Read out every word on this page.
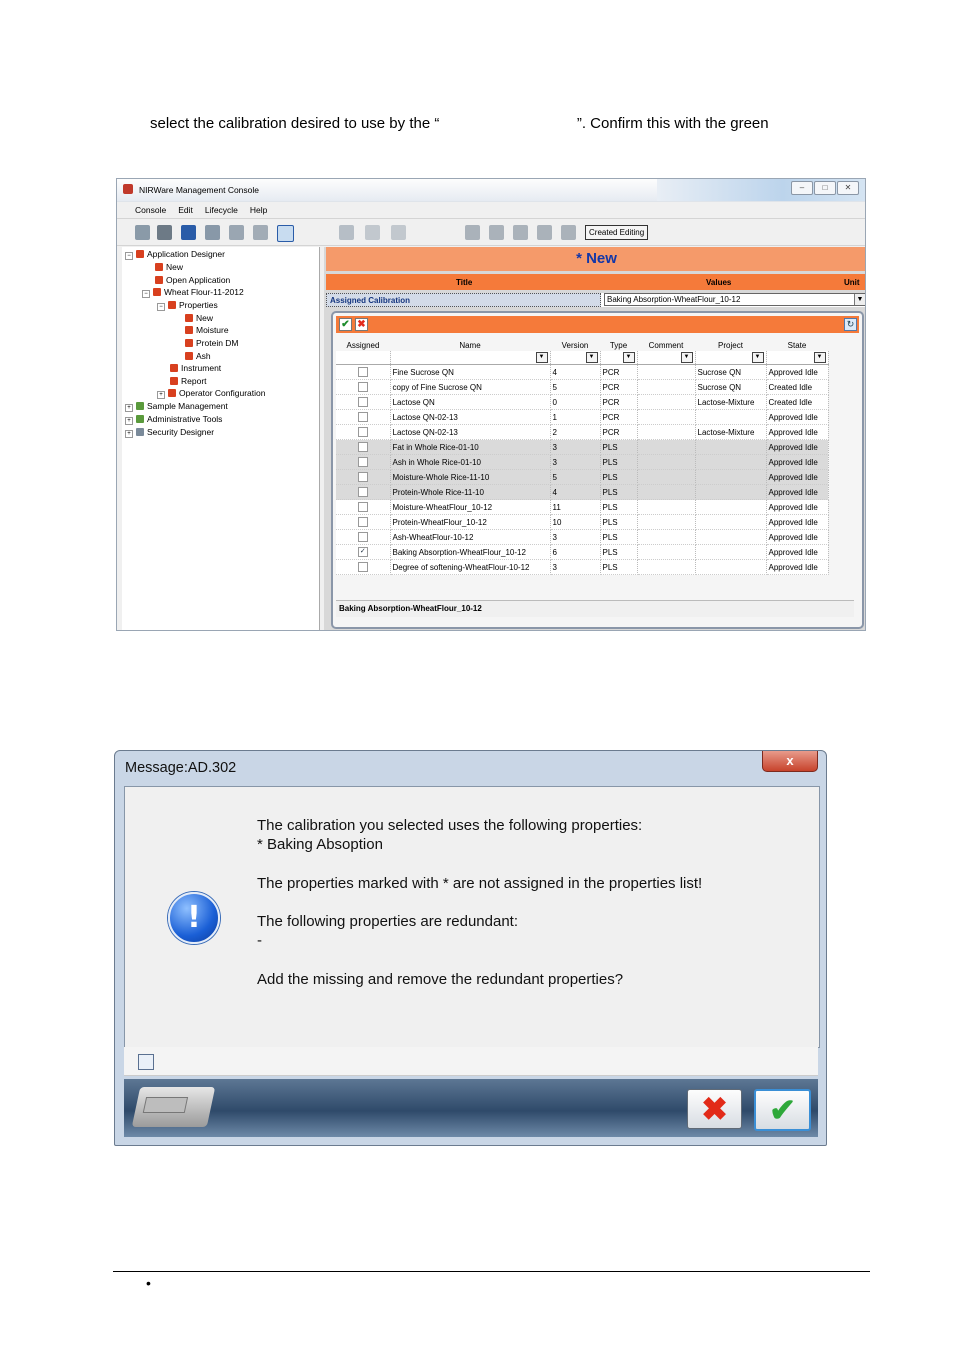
select the calibration desired to use by the “                                 ”. Confirm this with the green
NIRWare Management Console	–	□	✕
Console Edit Lifecycle Help
Created Editing
− Application Designer
New
Open Application
− Wheat Flour-11-2012
− Properties
New
Moisture
Protein DM
Ash
Instrument
Report
+ Operator Configuration
+ Sample Management
+ Administrative Tools
+ Security Designer
* New
Title	Values	Unit
Assigned Calibration	Baking Absorption-WheatFlour_10-12	▼
✔ ✖	↻
Assigned	Name	Version	Type	Comment	Project	State

	▼	▼	▼	▼	▼	▼

	Fine Sucrose QN	4	PCR		Sucrose QN	Approved Idle

	copy of Fine Sucrose QN	5	PCR		Sucrose QN	Created Idle

	Lactose QN	0	PCR		Lactose-Mixture	Created Idle

	Lactose QN-02-13	1	PCR			Approved Idle

	Lactose QN-02-13	2	PCR		Lactose-Mixture	Approved Idle

	Fat in Whole Rice-01-10	3	PLS			Approved Idle

	Ash in Whole Rice-01-10	3	PLS			Approved Idle

	Moisture-Whole Rice-11-10	5	PLS			Approved Idle

	Protein-Whole Rice-11-10	4	PLS			Approved Idle

	Moisture-WheatFlour_10-12	11	PLS			Approved Idle

	Protein-WheatFlour_10-12	10	PLS			Approved Idle

	Ash-WheatFlour-10-12	3	PLS			Approved Idle

✓	Baking Absorption-WheatFlour_10-12	6	PLS			Approved Idle

	Degree of softening-WheatFlour-10-12	3	PLS			Approved Idle
Baking Absorption-WheatFlour_10-12
Message:AD.302	x
!
The calibration you selected uses the following properties:
* Baking Absoption
The properties marked with * are not assigned in the properties list!
The following properties are redundant:
-
Add the missing and remove the redundant properties?
✖	✔
•
